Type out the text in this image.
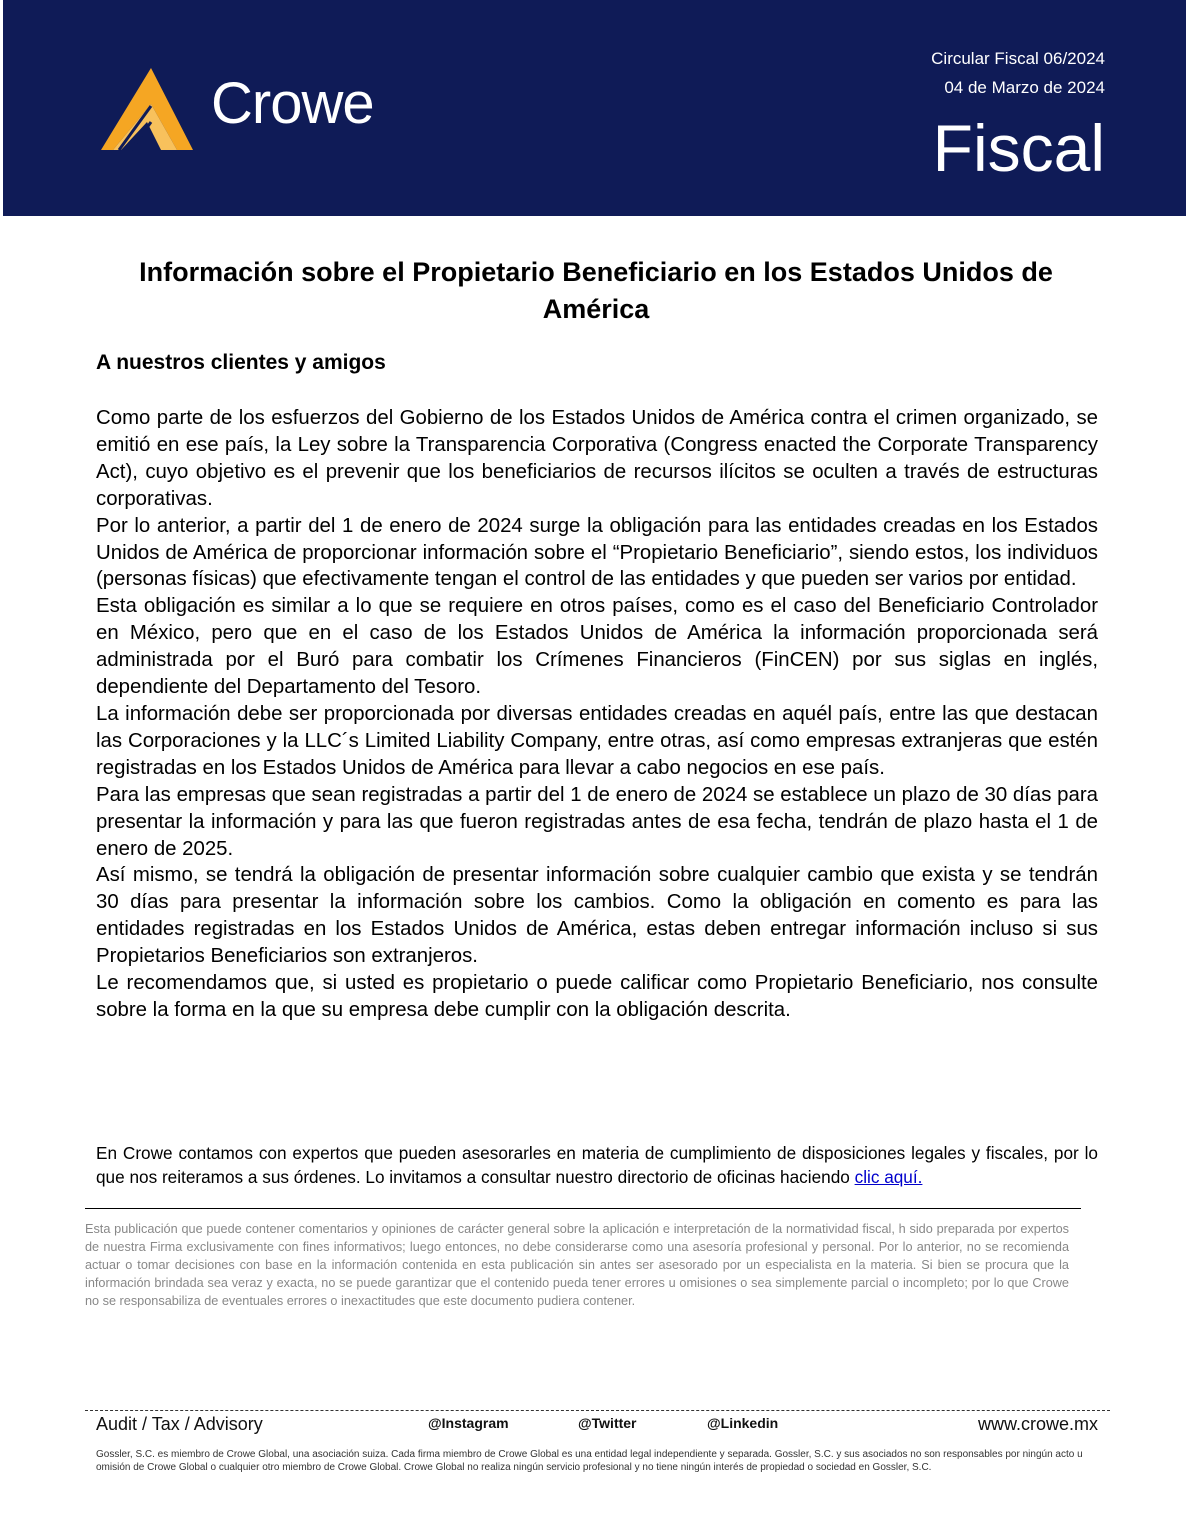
Crowe
Circular Fiscal 06/2024
04 de Marzo de 2024
Fiscal
Información sobre el Propietario Beneficiario en los Estados Unidos de América
A nuestros clientes y amigos

Como parte de los esfuerzos del Gobierno de los Estados Unidos de América contra el crimen organizado, se emitió en ese país, la Ley sobre la Transparencia Corporativa (Congress enacted the Corporate Transparency Act), cuyo objetivo es el prevenir que los beneficiarios de recursos ilícitos se oculten a través de estructuras corporativas.

Por lo anterior, a partir del 1 de enero de 2024 surge la obligación para las entidades creadas en los Estados Unidos de América de proporcionar información sobre el “Propietario Beneficiario”, siendo estos, los individuos (personas físicas) que efectivamente tengan el control de las entidades y que pueden ser varios por entidad.

Esta obligación es similar a lo que se requiere en otros países, como es el caso del Beneficiario Controlador en México, pero que en el caso de los Estados Unidos de América la información proporcionada será administrada por el Buró para combatir los Crímenes Financieros (FinCEN) por sus siglas en inglés, dependiente del Departamento del Tesoro.

La información debe ser proporcionada por diversas entidades creadas en aquél país, entre las que destacan las Corporaciones y la LLC´s Limited Liability Company, entre otras, así como empresas extranjeras que estén registradas en los Estados Unidos de América para llevar a cabo negocios en ese país.

Para las empresas que sean registradas a partir del 1 de enero de 2024 se establece un plazo de 30 días para presentar la información y para las que fueron registradas antes de esa fecha, tendrán de plazo hasta el 1 de enero de 2025.

Así mismo, se tendrá la obligación de presentar información sobre cualquier cambio que exista y se tendrán 30 días para presentar la información sobre los cambios. Como la obligación en comento es para las entidades registradas en los Estados Unidos de América, estas deben entregar información incluso si sus Propietarios Beneficiarios son extranjeros.

Le recomendamos que, si usted es propietario o puede calificar como Propietario Beneficiario, nos consulte sobre la forma en la que su empresa debe cumplir con la obligación descrita.

En Crowe contamos con expertos que pueden asesorarles en materia de cumplimiento de disposiciones legales y fiscales, por lo que nos reiteramos a sus órdenes. Lo invitamos a consultar nuestro directorio de oficinas haciendo clic aquí.

Esta publicación que puede contener comentarios y opiniones de carácter general sobre la aplicación e interpretación de la normatividad fiscal, h sido preparada por expertos de nuestra Firma exclusivamente con fines informativos; luego entonces, no debe considerarse como una asesoría profesional y personal. Por lo anterior, no se recomienda actuar o tomar decisiones con base en la información contenida en esta publicación sin antes ser asesorado por un especialista en la materia. Si bien se procura que la información brindada sea veraz y exacta, no se puede garantizar que el contenido pueda tener errores u omisiones o sea simplemente parcial o incompleto; por lo que Crowe no se responsabiliza de eventuales errores o inexactitudes que este documento pudiera contener.

Audit / Tax / Advisory	@Instagram	@Twitter	@Linkedin	www.crowe.mx

Gossler, S.C. es miembro de Crowe Global, una asociación suiza. Cada firma miembro de Crowe Global es una entidad legal independiente y separada. Gossler, S.C. y sus asociados no son responsables por ningún acto u omisión de Crowe Global o cualquier otro miembro de Crowe Global. Crowe Global no realiza ningún servicio profesional y no tiene ningún interés de propiedad o sociedad en Gossler, S.C.
